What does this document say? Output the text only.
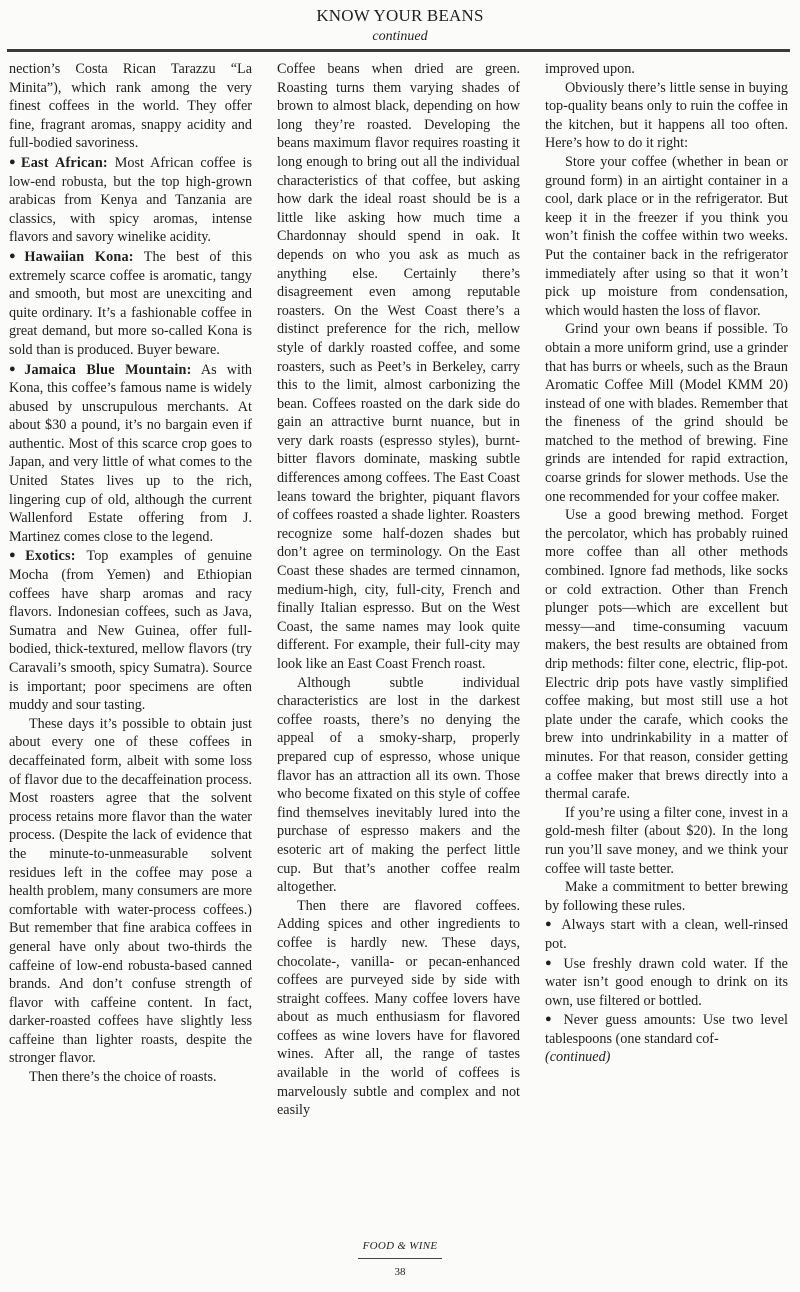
KNOW YOUR BEANS
continued

nection’s Costa Rican Tarazzu “La Minita”), which rank among the very finest coffees in the world. They offer fine, fragrant aromas, snappy acidity and full-bodied savoriness.

● East African: Most African coffee is low-end robusta, but the top high-grown arabicas from Kenya and Tanzania are classics, with spicy aromas, intense flavors and savory winelike acidity.

● Hawaiian Kona: The best of this extremely scarce coffee is aromatic, tangy and smooth, but most are unexciting and quite ordinary. It’s a fashionable coffee in great demand, but more so-called Kona is sold than is produced. Buyer beware.

● Jamaica Blue Mountain: As with Kona, this coffee’s famous name is widely abused by unscrupulous merchants. At about $30 a pound, it’s no bargain even if authentic. Most of this scarce crop goes to Japan, and very little of what comes to the United States lives up to the rich, lingering cup of old, although the current Wallenford Estate offering from J. Martinez comes close to the legend.

● Exotics: Top examples of genuine Mocha (from Yemen) and Ethiopian coffees have sharp aromas and racy flavors. Indonesian coffees, such as Java, Sumatra and New Guinea, offer full-bodied, thick-textured, mellow flavors (try Caravali’s smooth, spicy Sumatra). Source is important; poor specimens are often muddy and sour tasting.

These days it’s possible to obtain just about every one of these coffees in decaffeinated form, albeit with some loss of flavor due to the decaffeination process. Most roasters agree that the solvent process retains more flavor than the water process. (Despite the lack of evidence that the minute-to-unmeasurable solvent residues left in the coffee may pose a health problem, many consumers are more comfortable with water-process coffees.) But remember that fine arabica coffees in general have only about two-thirds the caffeine of low-end robusta-based canned brands. And don’t confuse strength of flavor with caffeine content. In fact, darker-roasted coffees have slightly less caffeine than lighter roasts, despite the stronger flavor.

Then there’s the choice of roasts.

Coffee beans when dried are green. Roasting turns them varying shades of brown to almost black, depending on how long they’re roasted. Developing the beans maximum flavor requires roasting it long enough to bring out all the individual characteristics of that coffee, but asking how dark the ideal roast should be is a little like asking how much time a Chardonnay should spend in oak. It depends on who you ask as much as anything else. Certainly there’s disagreement even among reputable roasters. On the West Coast there’s a distinct preference for the rich, mellow style of darkly roasted coffee, and some roasters, such as Peet’s in Berkeley, carry this to the limit, almost carbonizing the bean. Coffees roasted on the dark side do gain an attractive burnt nuance, but in very dark roasts (espresso styles), burnt-bitter flavors dominate, masking subtle differences among coffees. The East Coast leans toward the brighter, piquant flavors of coffees roasted a shade lighter. Roasters recognize some half-dozen shades but don’t agree on terminology. On the East Coast these shades are termed cinnamon, medium-high, city, full-city, French and finally Italian espresso. But on the West Coast, the same names may look quite different. For example, their full-city may look like an East Coast French roast.

Although subtle individual characteristics are lost in the darkest coffee roasts, there’s no denying the appeal of a smoky-sharp, properly prepared cup of espresso, whose unique flavor has an attraction all its own. Those who become fixated on this style of coffee find themselves inevitably lured into the purchase of espresso makers and the esoteric art of making the perfect little cup. But that’s another coffee realm altogether.

Then there are flavored coffees. Adding spices and other ingredients to coffee is hardly new. These days, chocolate-, vanilla- or pecan-enhanced coffees are purveyed side by side with straight coffees. Many coffee lovers have about as much enthusiasm for flavored coffees as wine lovers have for flavored wines. After all, the range of tastes available in the world of coffees is marvelously subtle and complex and not easily

improved upon.

Obviously there’s little sense in buying top-quality beans only to ruin the coffee in the kitchen, but it happens all too often. Here’s how to do it right:

Store your coffee (whether in bean or ground form) in an airtight container in a cool, dark place or in the refrigerator. But keep it in the freezer if you think you won’t finish the coffee within two weeks. Put the container back in the refrigerator immediately after using so that it won’t pick up moisture from condensation, which would hasten the loss of flavor.

Grind your own beans if possible. To obtain a more uniform grind, use a grinder that has burrs or wheels, such as the Braun Aromatic Coffee Mill (Model KMM 20) instead of one with blades. Remember that the fineness of the grind should be matched to the method of brewing. Fine grinds are intended for rapid extraction, coarse grinds for slower methods. Use the one recommended for your coffee maker.

Use a good brewing method. Forget the percolator, which has probably ruined more coffee than all other methods combined. Ignore fad methods, like socks or cold extraction. Other than French plunger pots—which are excellent but messy—and time-consuming vacuum makers, the best results are obtained from drip methods: filter cone, electric, flip-pot. Electric drip pots have vastly simplified coffee making, but most still use a hot plate under the carafe, which cooks the brew into undrinkability in a matter of minutes. For that reason, consider getting a coffee maker that brews directly into a thermal carafe.

If you’re using a filter cone, invest in a gold-mesh filter (about $20). In the long run you’ll save money, and we think your coffee will taste better.

Make a commitment to better brewing by following these rules.

● Always start with a clean, well-rinsed pot.

● Use freshly drawn cold water. If the water isn’t good enough to drink on its own, use filtered or bottled.

● Never guess amounts: Use two level tablespoons (one standard cof-

(continued)

FOOD & WINE
38
